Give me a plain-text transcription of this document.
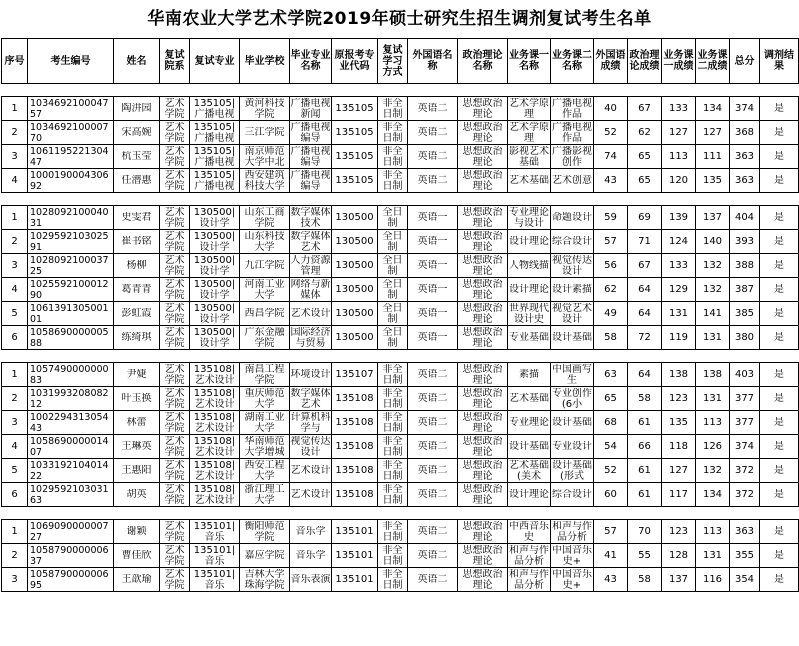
华南农业大学艺术学院2019年硕士研究生招生调剂复试考生名单
序号	考生编号	姓名	复试院系	复试专业	毕业学校	毕业专业名称	原报考专业代码	复试学习方式	外国语名称	政治理论名称	业务课一名称	业务课二名称	外国语成绩	政治理论成绩	业务课一成绩	业务课二成绩	总分	调剂结果

1	103469210004757	陶汫园	艺术学院	135105|广播电视	黄河科技学院	广播电视新闻	135105	非全日制	英语二	思想政治理论	艺术学原理	广播电视作品	40	67	133	134	374	是

2	103469210000770	宋高婉	艺术学院	135105|广播电视	三江学院	广播电视编导	135105	非全日制	英语二	思想政治理论	艺术学原理	广播电视作品	52	62	127	127	368	是

3	106119522130447	杭玉莹	艺术学院	135105|广播电视	南京师范大学中北	广播电视编导	135105	非全日制	英语二	思想政治理论	影视艺术基础	广播影视创作	74	65	113	111	363	是

4	100019000430692	任潜惠	艺术学院	135105|广播电视	西安建筑科技大学	广播电视编导	135105	非全日制	英语二	思想政治理论	艺术基础	艺术创意	43	65	120	135	363	是

1	102809210004031	史雯君	艺术学院	130500|设计学	山东工商学院	数字媒体技术	130500	全日制	英语一	思想政治理论	专业理论与设计	命题设计	59	69	139	137	404	是

2	102959210302591	崔书铭	艺术学院	130500|设计学	山东科技大学	数字媒体艺术	130500	全日制	英语一	思想政治理论	设计理论	综合设计	57	71	124	140	393	是

3	102809210003725	杨柳	艺术学院	130500|设计学	九江学院	人力资源管理	130500	全日制	英语一	思想政治理论	人物线描	视觉传达设计	56	67	133	132	388	是

4	102559210001290	葛青青	艺术学院	130500|设计学	河南工业大学	网络与新媒体	130500	全日制	英语一	思想政治理论	设计理论	设计素描	62	64	129	132	387	是

5	106139130500101	彭虹霞	艺术学院	130500|设计学	西昌学院	艺术设计	130500	全日制	英语一	思想政治理论	世界现代设计史	视觉艺术设计	49	64	131	141	385	是

6	105869000000588	练绮琪	艺术学院	130500|设计学	广东金融学院	国际经济与贸易	130500	全日制	英语一	思想政治理论	专业基础	设计基础	58	72	119	131	380	是

1	105749000000083	尹婕	艺术学院	135108|艺术设计	南昌工程学院	环境设计	135107	非全日制	英语二	思想政治理论	素描	中国画写生	63	64	138	138	403	是

2	103199320808212	叶玉换	艺术学院	135108|艺术设计	重庆师范大学	数字媒体艺术	135108	非全日制	英语二	思想政治理论	艺术基础	专业创作(6小	65	58	123	131	377	是

3	100229431305443	林蕾	艺术学院	135108|艺术设计	湖南工业大学	计算机科学与	135108	非全日制	英语二	思想政治理论	专业理论	设计基础	68	61	135	113	377	是

4	105869000001407	王琳英	艺术学院	135108|艺术设计	华南师范大学增城	视觉传达设计	135108	非全日制	英语二	思想政治理论	设计基础	专业设计	54	66	118	126	374	是

5	103319210401422	王惠阳	艺术学院	135108|艺术设计	西安工程大学	艺术设计	135108	非全日制	英语二	思想政治理论	艺术基础(美术	设计基础(形式	52	61	127	132	372	是

6	102959210303163	胡英	艺术学院	135108|艺术设计	浙江理工大学	艺术设计	135108	非全日制	英语二	思想政治理论	设计理论	综合设计	60	61	117	134	372	是

1	106909000000727	谢颖	艺术学院	135101|音乐	衡阳师范学院	音乐学	135101	非全日制	英语二	思想政治理论	中西音乐史	和声与作品分析	57	70	123	113	363	是

2	105879000000637	曹佳欣	艺术学院	135101|音乐	嘉应学院	音乐学	135101	非全日制	英语二	思想政治理论	和声与作品分析	中国音乐史+	41	55	128	131	355	是

3	105879000000695	王歆瑜	艺术学院	135101|音乐	吉林大学珠海学院	音乐表演	135101	非全日制	英语二	思想政治理论	和声与作品分析	中国音乐史+	43	58	137	116	354	是
